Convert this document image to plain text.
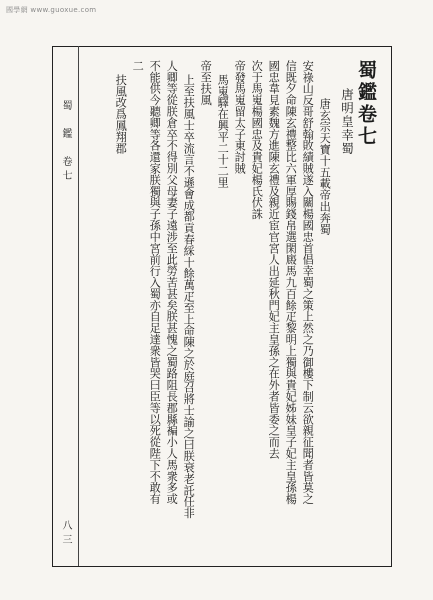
國學網 www.guoxue.com
蜀鑑卷七
唐明皇幸蜀
唐玄宗天寶十五載帝出奔蜀
安祿山反哥舒翰敗績賊遂入關楊國忠首倡幸蜀之策上然之乃御樓下制云欲親征聞者皆莫之
信既夕命陳玄禮整比六軍厚賜錢帛選閑廄馬九百餘疋黎明上獨與貴妃姊妹皇子妃主皇孫楊
國忠韋見素魏方進陳玄禮及親近宦官宮人出延秋門妃主皇孫之在外者皆委之而去
次于馬嵬楊國忠及貴妃楊氏伏誅
帝發馬嵬留太子東討賊
馬嵬驛在興平二十二里
帝至扶風
上至扶風士卒流言不遜會成都貢春綵十餘萬疋至上命陳之於庭召將士諭之曰朕衰老託任非
人卿等從朕倉卒不得別父母妻子遠涉至此勞苦甚矣朕甚愧之蜀路阻長郡縣褊小人馬衆多或
不能供今聽卿等各還家朕獨與子孫中宮前行入蜀亦自足達衆皆哭曰臣等以死從陛下不敢有
二
扶風改爲鳳翔郡
蜀　鑑　卷七
八三
